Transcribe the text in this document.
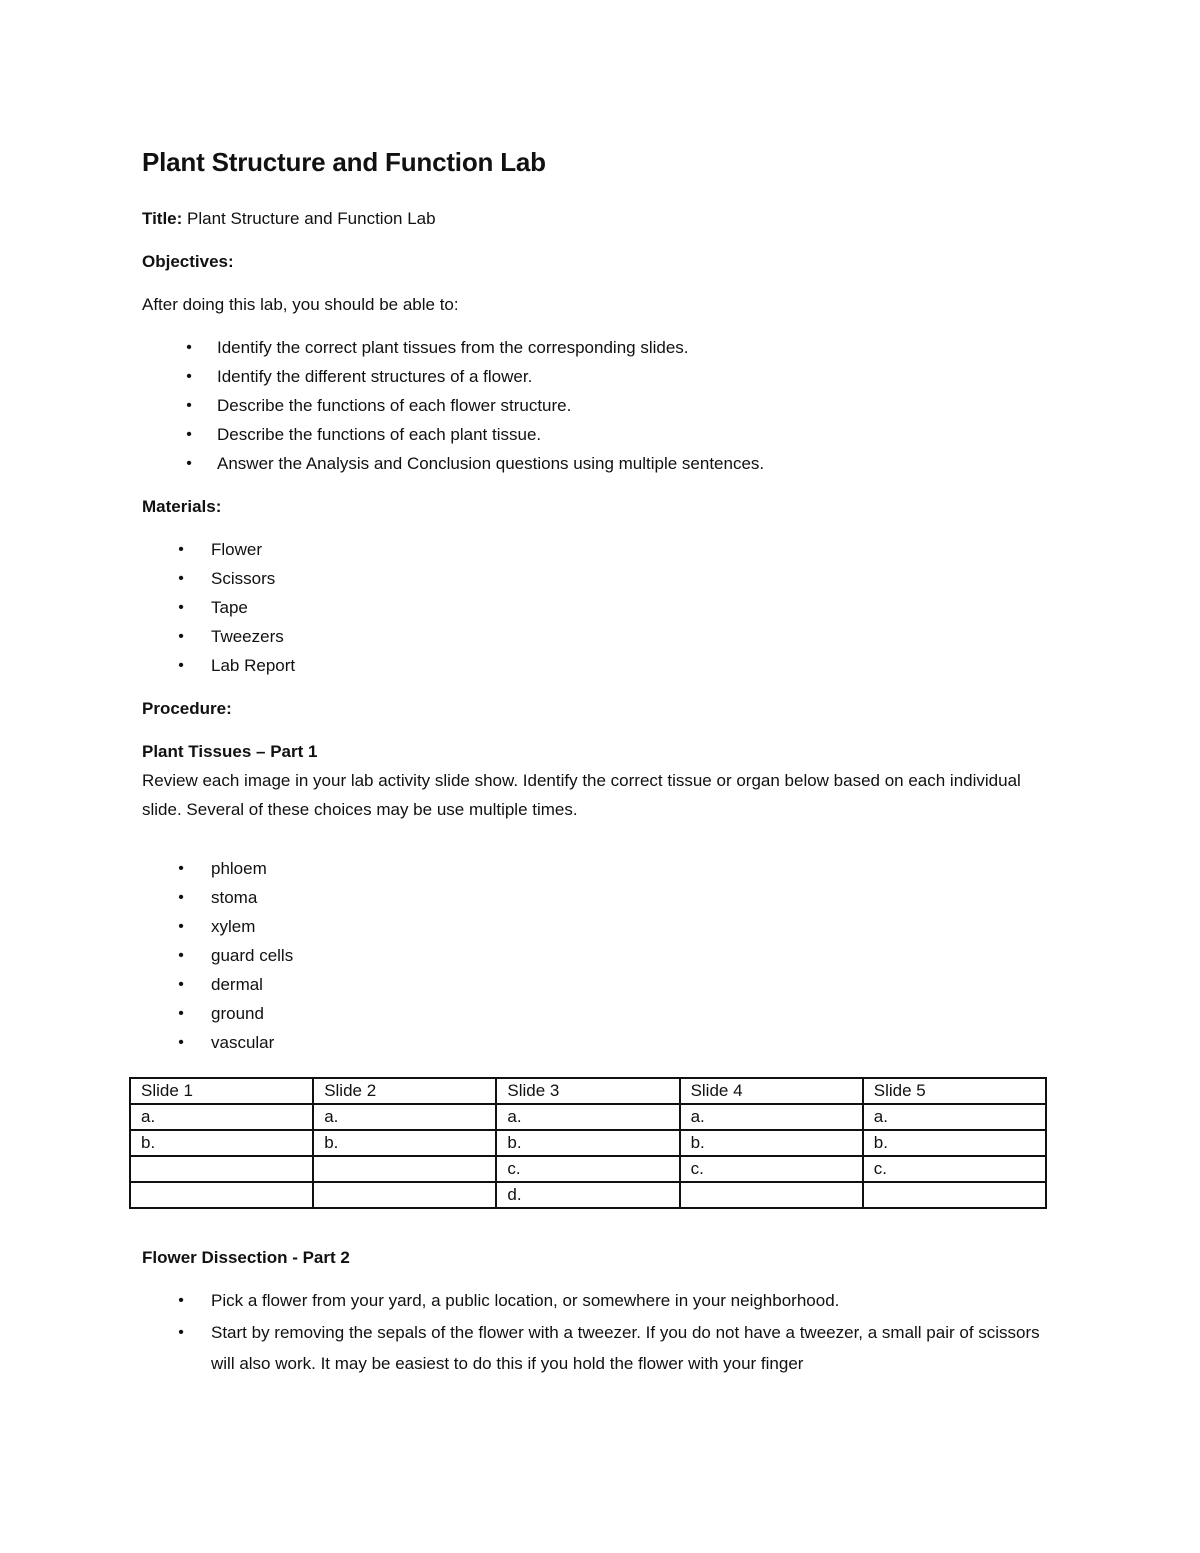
Plant Structure and Function Lab

Title: Plant Structure and Function Lab

Objectives:

After doing this lab, you should be able to:

• Identify the correct plant tissues from the corresponding slides.
• Identify the different structures of a flower.
• Describe the functions of each flower structure.
• Describe the functions of each plant tissue.
• Answer the Analysis and Conclusion questions using multiple sentences.

Materials:

• Flower
• Scissors
• Tape
• Tweezers
• Lab Report

Procedure:

Plant Tissues – Part 1

Review each image in your lab activity slide show. Identify the correct tissue or organ below based on each individual slide. Several of these choices may be use multiple times.

• phloem
• stoma
• xylem
• guard cells
• dermal
• ground
• vascular
Slide 1	Slide 2	Slide 3	Slide 4	Slide 5
a.	a.	a.	a.	a.
b.	b.	b.	b.	b.
		c.	c.	c.
		d.		

Flower Dissection - Part 2

• Pick a flower from your yard, a public location, or somewhere in your neighborhood.
• Start by removing the sepals of the flower with a tweezer. If you do not have a tweezer, a small pair of scissors will also work. It may be easiest to do this if you hold the flower with your finger
